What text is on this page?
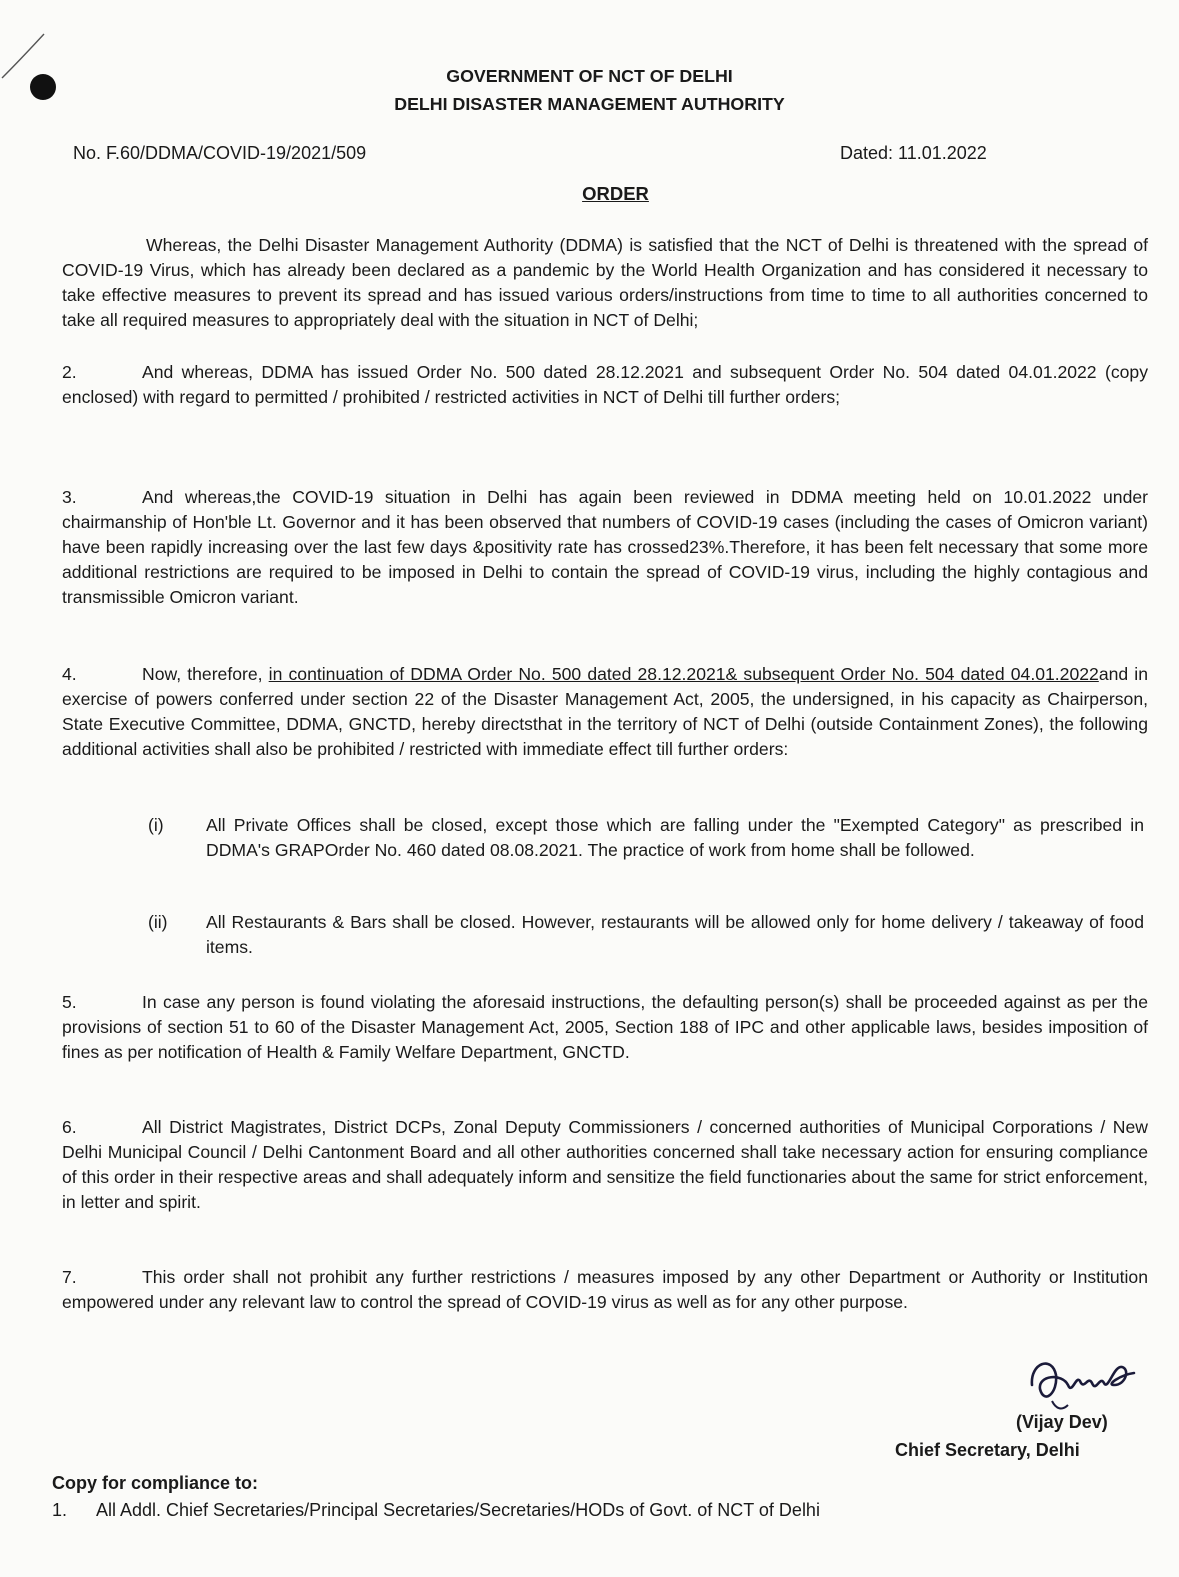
GOVERNMENT OF NCT OF DELHI
DELHI DISASTER MANAGEMENT AUTHORITY
No. F.60/DDMA/COVID-19/2021/509	Dated: 11.01.2022
ORDER
Whereas, the Delhi Disaster Management Authority (DDMA) is satisfied that the NCT of Delhi is threatened with the spread of COVID-19 Virus, which has already been declared as a pandemic by the World Health Organization and has considered it necessary to take effective measures to prevent its spread and has issued various orders/instructions from time to time to all authorities concerned to take all required measures to appropriately deal with the situation in NCT of Delhi;
2.	And whereas, DDMA has issued Order No. 500 dated 28.12.2021 and subsequent Order No. 504 dated 04.01.2022 (copy enclosed) with regard to permitted / prohibited / restricted activities in NCT of Delhi till further orders;
3.	And whereas,the COVID-19 situation in Delhi has again been reviewed in DDMA meeting held on 10.01.2022 under chairmanship of Hon'ble Lt. Governor and it has been observed that numbers of COVID-19 cases (including the cases of Omicron variant) have been rapidly increasing over the last few days &positivity rate has crossed23%.Therefore, it has been felt necessary that some more additional restrictions are required to be imposed in Delhi to contain the spread of COVID-19 virus, including the highly contagious and transmissible Omicron variant.
4.	Now, therefore, in continuation of DDMA Order No. 500 dated 28.12.2021& subsequent Order No. 504 dated 04.01.2022and in exercise of powers conferred under section 22 of the Disaster Management Act, 2005, the undersigned, in his capacity as Chairperson, State Executive Committee, DDMA, GNCTD, hereby directsthat in the territory of NCT of Delhi (outside Containment Zones), the following additional activities shall also be prohibited / restricted with immediate effect till further orders:
(i)	All Private Offices shall be closed, except those which are falling under the "Exempted Category" as prescribed in DDMA's GRAPOrder No. 460 dated 08.08.2021. The practice of work from home shall be followed.
(ii)	All Restaurants & Bars shall be closed. However, restaurants will be allowed only for home delivery / takeaway of food items.
5.	In case any person is found violating the aforesaid instructions, the defaulting person(s) shall be proceeded against as per the provisions of section 51 to 60 of the Disaster Management Act, 2005, Section 188 of IPC and other applicable laws, besides imposition of fines as per notification of Health & Family Welfare Department, GNCTD.
6.	All District Magistrates, District DCPs, Zonal Deputy Commissioners / concerned authorities of Municipal Corporations / New Delhi Municipal Council / Delhi Cantonment Board and all other authorities concerned shall take necessary action for ensuring compliance of this order in their respective areas and shall adequately inform and sensitize the field functionaries about the same for strict enforcement, in letter and spirit.
7.	This order shall not prohibit any further restrictions / measures imposed by any other Department or Authority or Institution empowered under any relevant law to control the spread of COVID-19 virus as well as for any other purpose.
(Vijay Dev)
Chief Secretary, Delhi
Copy for compliance to:
1. All Addl. Chief Secretaries/Principal Secretaries/Secretaries/HODs of Govt. of NCT of Delhi
